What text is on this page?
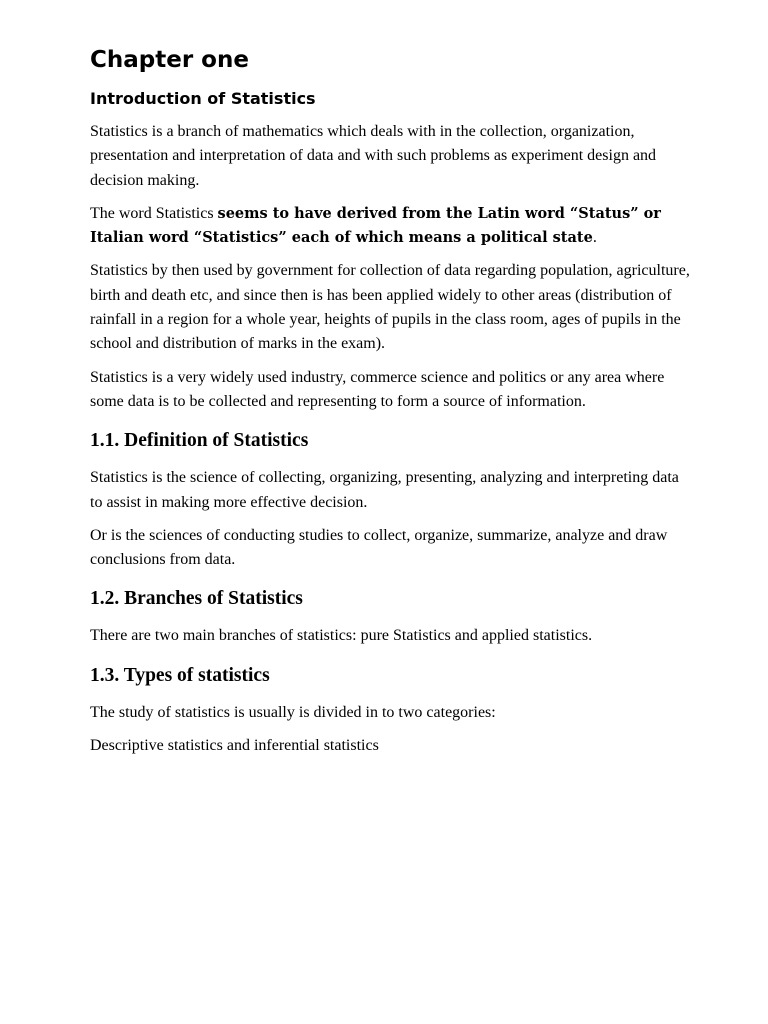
Chapter one
Introduction of Statistics

Statistics is a branch of mathematics which deals with in the collection, organization, presentation and interpretation of data and with such problems as experiment design and decision making.

The word Statistics seems to have derived from the Latin word “Status” or Italian word “Statistics” each of which means a political state.

Statistics by then used by government for collection of data regarding population, agriculture, birth and death etc, and since then is has been applied widely to other areas (distribution of rainfall in a region for a whole year, heights of pupils in the class room, ages of pupils in the school and distribution of marks in the exam).

Statistics is a very widely used industry, commerce science and politics or any area where some data is to be collected and representing to form a source of information.

1.1. Definition of Statistics

Statistics is the science of collecting, organizing, presenting, analyzing and interpreting data to assist in making more effective decision.

Or is the sciences of conducting studies to collect, organize, summarize, analyze and draw conclusions from data.

1.2. Branches of Statistics

There are two main branches of statistics: pure Statistics and applied statistics.

1.3. Types of statistics

The study of statistics is usually is divided in to two categories:

Descriptive statistics and inferential statistics
